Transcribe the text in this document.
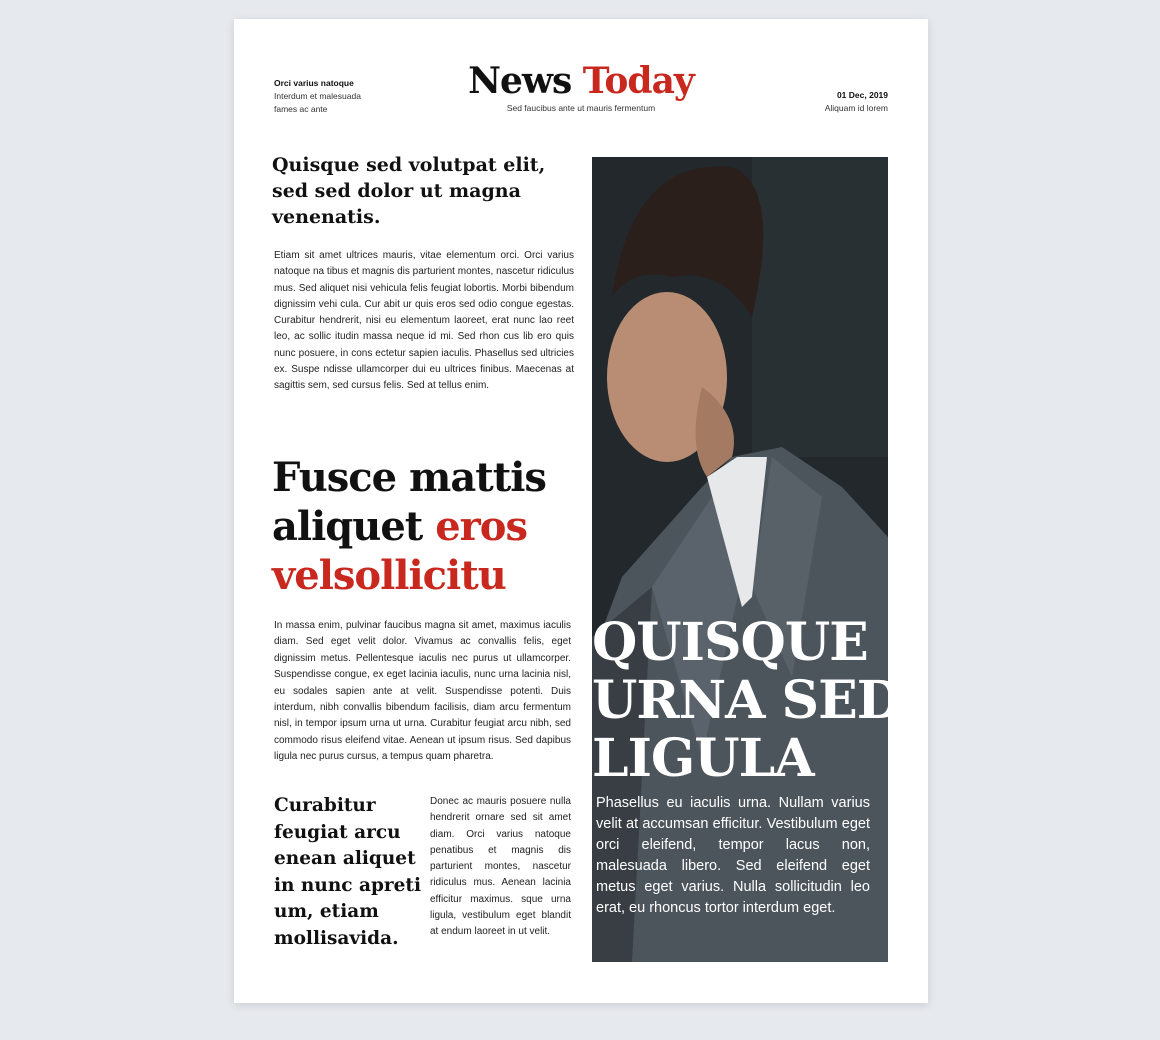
Orci varius natoque
Interdum et malesuada
fames ac ante
News Today
Sed faucibus ante ut mauris fermentum
01 Dec, 2019
Aliquam id lorem
Quisque sed volutpat elit, sed sed dolor ut magna venenatis.
Etiam sit amet ultrices mauris, vitae elementum orci. Orci varius natoque na tibus et magnis dis parturient montes, nascetur ridiculus mus. Sed aliquet nisi vehicula felis feugiat lobortis. Morbi bibendum dignissim vehi cula. Cur abit ur quis eros sed odio congue egestas. Curabitur hendrerit, nisi eu elementum laoreet, erat nunc lao reet leo, ac sollic itudin massa neque id mi. Sed rhon cus lib ero quis nunc posuere, in cons ectetur sapien iaculis. Phasellus sed ultricies ex. Suspe ndisse ullamcorper dui eu ultrices finibus. Maecenas at sagittis sem, sed cursus felis. Sed at tellus enim.
Fusce mattis aliquet eros velsollicitu
In massa enim, pulvinar faucibus magna sit amet, maximus iaculis diam. Sed eget velit dolor. Vivamus ac convallis felis, eget dignissim metus. Pellentesque iaculis nec purus ut ullamcorper. Suspendisse congue, ex eget lacinia iaculis, nunc urna lacinia nisl, eu sodales sapien ante at velit. Suspendisse potenti. Duis interdum, nibh convallis bibendum facilisis, diam arcu fermentum nisl, in tempor ipsum urna ut urna. Curabitur feugiat arcu nibh, sed commodo risus eleifend vitae. Aenean ut ipsum risus. Sed dapibus ligula nec purus cursus, a tempus quam pharetra.
Curabitur feugiat arcu enean aliquet in nunc apreti um, etiam mollisavida.
Donec ac mauris posuere nulla hendrerit ornare sed sit amet diam. Orci varius natoque penatibus et magnis dis parturient montes, nascetur ridiculus mus. Aenean lacinia efficitur maximus. sque urna ligula, vestibulum eget blandit at endum laoreet in ut velit.
QUISQUE
URNA SED
LIGULA
Phasellus eu iaculis urna. Nullam varius velit at accumsan efficitur. Vestibulum eget orci eleifend, tempor lacus non, malesuada libero. Sed eleifend eget metus eget varius. Nulla sollicitudin leo erat, eu rhoncus tortor interdum eget.
